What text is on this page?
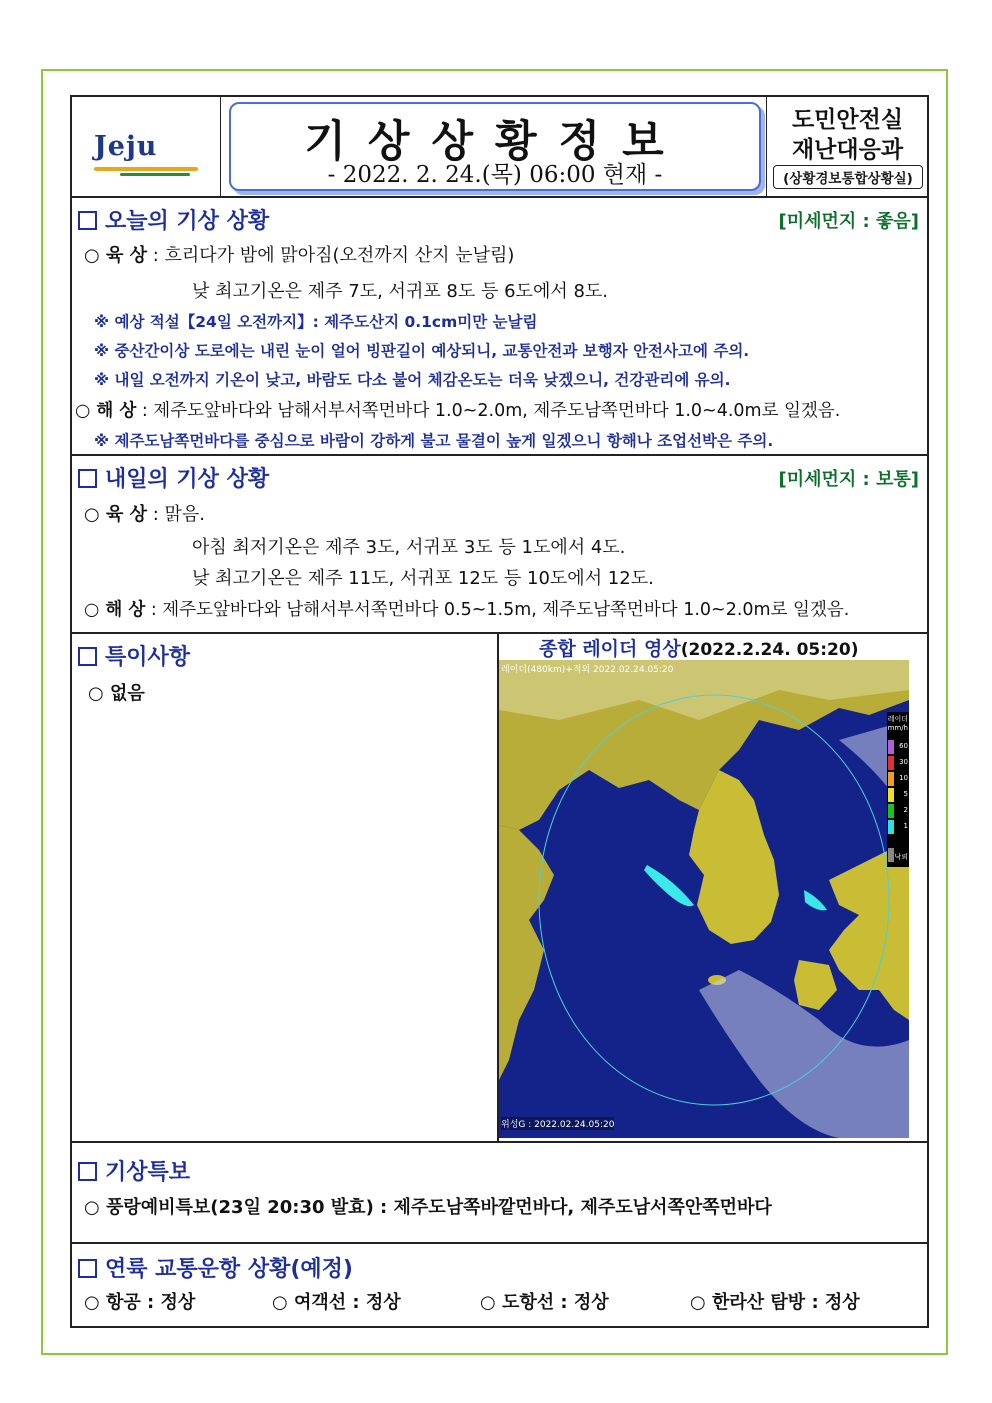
Jeju	기상상황정보
- 2022. 2. 24.(목) 06:00 현재 -
도민안전실
재난대응과
(상황경보통합상황실)
오늘의 기상 상황	[미세먼지 : 좋음]
○ 육 상 : 흐리다가 밤에 맑아짐(오전까지 산지 눈날림)
낮 최고기온은 제주 7도, 서귀포 8도 등 6도에서 8도.
※ 예상 적설【24일 오전까지】: 제주도산지 0.1cm미만 눈날림
※ 중산간이상 도로에는 내린 눈이 얼어 빙판길이 예상되니, 교통안전과 보행자 안전사고에 주의.
※ 내일 오전까지 기온이 낮고, 바람도 다소 불어 체감온도는 더욱 낮겠으니, 건강관리에 유의.
○ 해 상 : 제주도앞바다와 남해서부서쪽먼바다 1.0~2.0m, 제주도남쪽먼바다 1.0~4.0m로 일겠음.
※ 제주도남쪽먼바다를 중심으로 바람이 강하게 불고 물결이 높게 일겠으니 항해나 조업선박은 주의.
내일의 기상 상황	[미세먼지 : 보통]
○ 육 상 : 맑음.
아침 최저기온은 제주 3도, 서귀포 3도 등 1도에서 4도.
낮 최고기온은 제주 11도, 서귀포 12도 등 10도에서 12도.
○ 해 상 : 제주도앞바다와 남해서부서쪽먼바다 0.5~1.5m, 제주도남쪽먼바다 1.0~2.0m로 일겠음.
특이사항
○ 없음
종합 레이더 영상(2022.2.24. 05:20)
레이더(480km)+적외 2022.02.24.05:20
위성G : 2022.02.24.05:20
레이더
mm/h
60
30
10
5
2
1
낙뢰
기상특보
○ 풍랑예비특보(23일 20:30 발효) : 제주도남쪽바깥먼바다, 제주도남서쪽안쪽먼바다
연륙 교통운항 상황(예정)
○ 항공 : 정상	○ 여객선 : 정상	○ 도항선 : 정상	○ 한라산 탐방 : 정상
